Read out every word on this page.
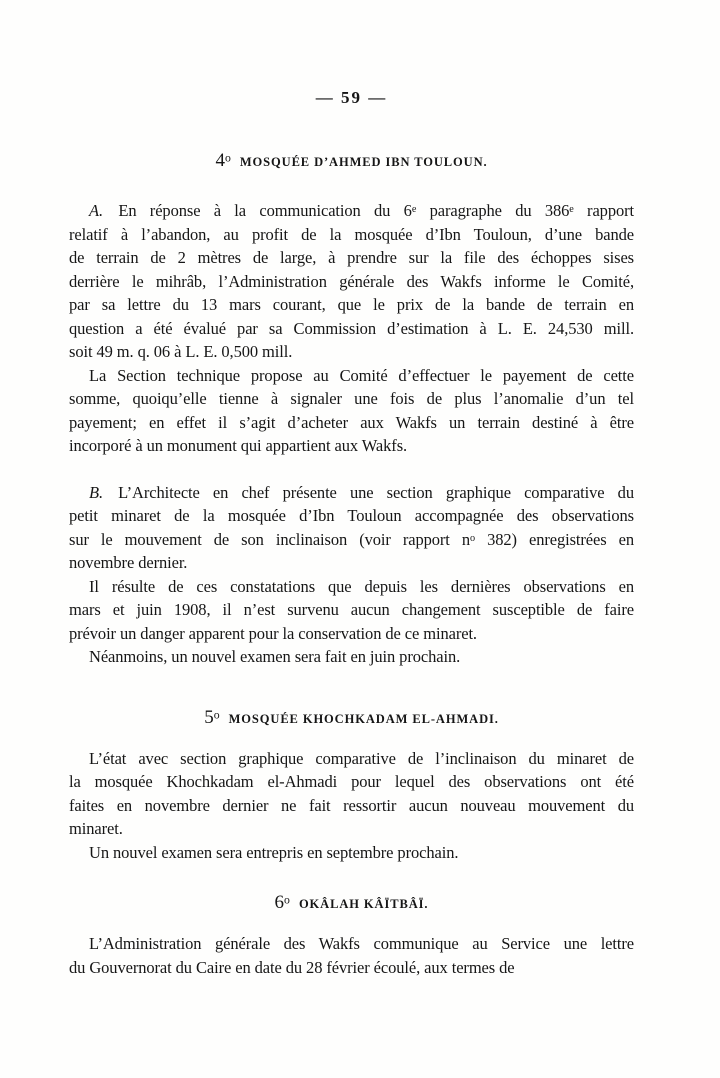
— 59 —
4$^o$ MOSQUÉE D’AHMED IBN TOULOUN.

A. En réponse à la communication du 6e paragraphe du 386e rapport
relatif à l’abandon, au profit de la mosquée d’Ibn Touloun, d’une bande
de terrain de 2 mètres de large, à prendre sur la file des échoppes sises
derrière le mihrâb, l’Administration générale des Wakfs informe le Comité,
par sa lettre du 13 mars courant, que le prix de la bande de terrain en
question a été évalué par sa Commission d’estimation à L. E. 24,530 mill.
soit 49 m. q. 06 à L. E. 0,500 mill.

La Section technique propose au Comité d’effectuer le payement de cette
somme, quoiqu’elle tienne à signaler une fois de plus l’anomalie d’un tel
payement; en effet il s’agit d’acheter aux Wakfs un terrain destiné à être
incorporé à un monument qui appartient aux Wakfs.

B. L’Architecte en chef présente une section graphique comparative du
petit minaret de la mosquée d’Ibn Touloun accompagnée des observations
sur le mouvement de son inclinaison (voir rapport $n^o$ 382) enregistrées en
novembre dernier.

Il résulte de ces constatations que depuis les dernières observations en
mars et juin 1908, il n’est survenu aucun changement susceptible de faire
prévoir un danger apparent pour la conservation de ce minaret.

Néanmoins, un nouvel examen sera fait en juin prochain.

5$^o$ MOSQUÉE KHOCHKADAM EL-AHMADI.

L’état avec section graphique comparative de l’inclinaison du minaret de
la mosquée Khochkadam el-Ahmadi pour lequel des observations ont été
faites en novembre dernier ne fait ressortir aucun nouveau mouvement du
minaret.

Un nouvel examen sera entrepris en septembre prochain.

6$^o$ OKÂLAH KÂÏTBÂÏ.

L’Administration générale des Wakfs communique au Service une lettre
du Gouvernorat du Caire en date du 28 février écoulé, aux termes de
